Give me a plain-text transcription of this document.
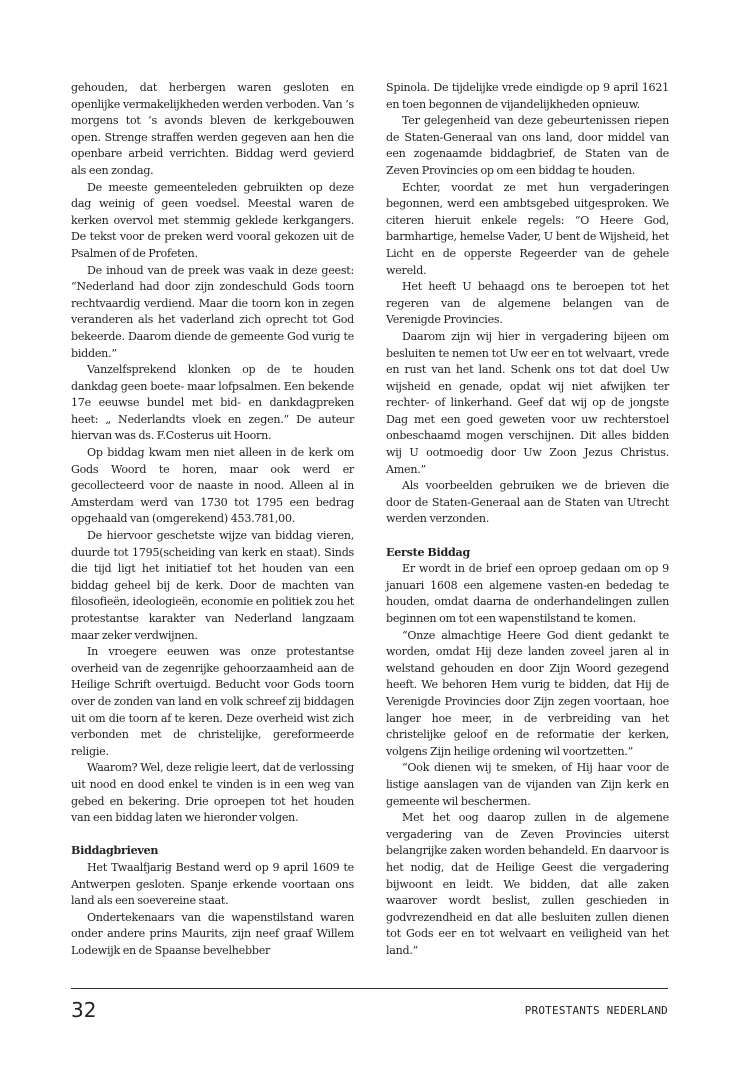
gehouden, dat herbergen waren gesloten en openlijke vermakelijkheden werden verboden. Van ’s morgens tot ’s avonds bleven de kerkgebouwen open. Strenge straffen werden gegeven aan hen die openbare arbeid verrichten. Biddag werd gevierd als een zondag.

De meeste gemeenteleden gebruikten op deze dag weinig of geen voedsel. Meestal waren de kerken overvol met stemmig geklede kerkgangers. De tekst voor de preken werd vooral gekozen uit de Psalmen of de Profeten.

De inhoud van de preek was vaak in deze geest: “Nederland had door zijn zondeschuld Gods toorn rechtvaardig verdiend. Maar die toorn kon in zegen veranderen als het vaderland zich oprecht tot God bekeerde. Daarom diende de gemeente God vurig te bidden.”

Vanzelfsprekend klonken op de te houden dankdag geen boete- maar lofpsalmen. Een bekende 17e eeuwse bundel met bid- en dankdagpreken heet: „ Nederlandts vloek en zegen.” De auteur hiervan was ds. F.Costerus uit Hoorn.

Op biddag kwam men niet alleen in de kerk om Gods Woord te horen, maar ook werd er gecollecteerd voor de naaste in nood. Alleen al in Amsterdam werd van 1730 tot 1795 een bedrag opgehaald van (omgerekend) 453.781,00.

De hiervoor geschetste wijze van biddag vieren, duurde tot 1795(scheiding van kerk en staat). Sinds die tijd ligt het initiatief tot het houden van een biddag geheel bij de kerk. Door de machten van filosofieën, ideologieën, economie en politiek zou het protestantse karakter van Nederland langzaam maar zeker verdwijnen.

In vroegere eeuwen was onze protestantse overheid van de zegenrijke gehoorzaamheid aan de Heilige Schrift overtuigd. Beducht voor Gods toorn over de zonden van land en volk schreef zij biddagen uit om die toorn af te keren. Deze overheid wist zich verbonden met de christelijke, gereformeerde religie.

Waarom? Wel, deze religie leert, dat de verlossing uit nood en dood enkel te vinden is in een weg van gebed en bekering. Drie oproepen tot het houden van een biddag laten we hieronder volgen.

Biddagbrieven

Het Twaalfjarig Bestand werd op 9 april 1609 te Antwerpen gesloten. Spanje erkende voortaan ons land als een soevereine staat.

Ondertekenaars van die wapenstilstand waren onder andere prins Maurits, zijn neef graaf Willem Lodewijk en de Spaanse bevelhebber

Spinola. De tijdelijke vrede eindigde op 9 april 1621 en toen begonnen de vijandelijkheden opnieuw.

Ter gelegenheid van deze gebeurtenissen riepen de Staten-Generaal van ons land, door middel van een zogenaamde biddagbrief, de Staten van de Zeven Provincies op om een biddag te houden.

Echter, voordat ze met hun vergaderingen begonnen, werd een ambtsgebed uitgesproken. We citeren hieruit enkele regels: “O Heere God, barmhartige, hemelse Vader, U bent de Wijsheid, het Licht en de opperste Regeerder van de gehele wereld.

Het heeft U behaagd ons te beroepen tot het regeren van de algemene belangen van de Verenigde Provincies.

Daarom zijn wij hier in vergadering bijeen om besluiten te nemen tot Uw eer en tot welvaart, vrede en rust van het land. Schenk ons tot dat doel Uw wijsheid en genade, opdat wij niet afwijken ter rechter- of linkerhand. Geef dat wij op de jongste Dag met een goed geweten voor uw rechterstoel onbeschaamd mogen verschijnen. Dit alles bidden wij U ootmoedig door Uw Zoon Jezus Christus. Amen.”

Als voorbeelden gebruiken we de brieven die door de Staten-Generaal aan de Staten van Utrecht werden verzonden.

Eerste Biddag

Er wordt in de brief een oproep gedaan om op 9 januari 1608 een algemene vasten-en bededag te houden, omdat daarna de onderhandelingen zullen beginnen om tot een wapenstilstand te komen.

“Onze almachtige Heere God dient gedankt te worden, omdat Hij deze landen zoveel jaren al in welstand gehouden en door Zijn Woord gezegend heeft. We behoren Hem vurig te bidden, dat Hij de Verenigde Provincies door Zijn zegen voortaan, hoe langer hoe meer, in de verbreiding van het christelijke geloof en de reformatie der kerken, volgens Zijn heilige ordening wil voortzetten.”

“Ook dienen wij te smeken, of Hij haar voor de listige aanslagen van de vijanden van Zijn kerk en gemeente wil beschermen.

Met het oog daarop zullen in de algemene vergadering van de Zeven Provincies uiterst belangrijke zaken worden behandeld. En daarvoor is het nodig, dat de Heilige Geest die vergadering bijwoont en leidt. We bidden, dat alle zaken waarover wordt beslist, zullen geschieden in godvrezendheid en dat alle besluiten zullen dienen tot Gods eer en tot welvaart en veiligheid van het land.”

32	PROTESTANTS NEDERLAND
